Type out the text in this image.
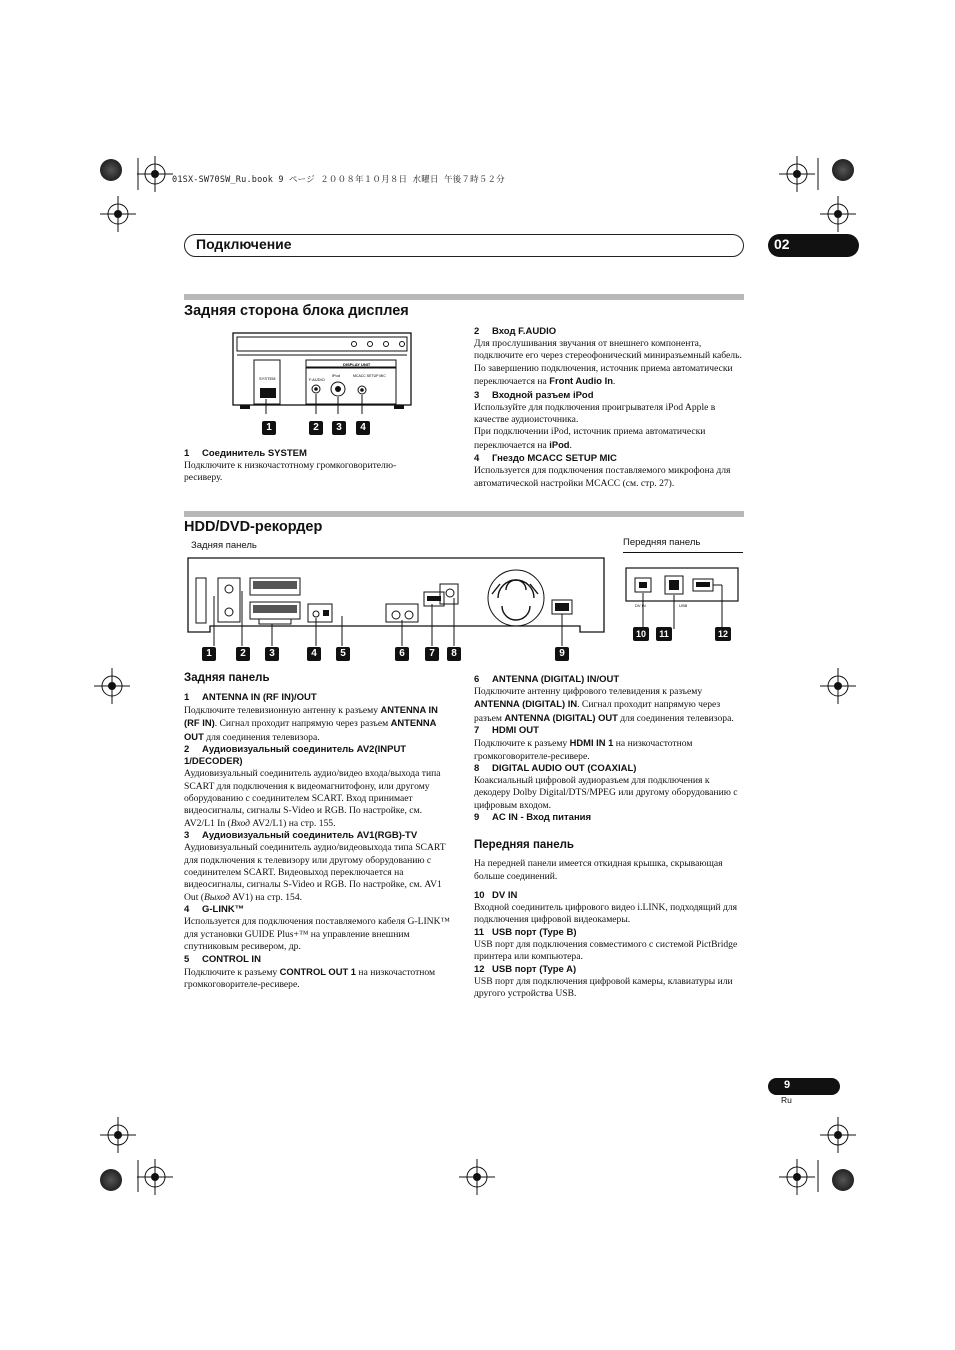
01SX-SW70SW_Ru.book 9 ページ ２００８年１０月８日 水曜日 午後７時５２分
Подключение	02
Задняя сторона блока дисплея
SYSTEM	F.AUDIO
iPod	MCACC SETUP MIC
DISPLAY UNIT
1	2	3	4
1 Соединитель SYSTEM
Подключите к низкочастотному громкоговорителю-ресиверу.
2 Вход F.AUDIO
Для прослушивания звучания от внешнего компонента, подключите его через стереофонический миниразъемный кабель. По завершению подключения, источник приема автоматически переключается на Front Audio In.
3 Входной разъем iPod
Используйте для подключения проигрывателя iPod Apple в качестве аудиоисточника.
При подключении iPod, источник приема автоматически переключается на iPod.
4 Гнездо MCACC SETUP MIC
Используется для подключения поставляемого микрофона для автоматической настройки MCACC (см. стр. 27).
HDD/DVD-рекордер
Задняя панель	Передняя панель
1	2	3	4	5	6	7	8	9
DV IN	USB
10	11	12
Задняя панель
1 ANTENNA IN (RF IN)/OUT
Подключите телевизионную антенну к разъему ANTENNA IN (RF IN). Сигнал проходит напрямую через разъем ANTENNA OUT для соединения телевизора.
2 Аудиовизуальный соединитель AV2(INPUT 1/DECODER)
Аудиовизуальный соединитель аудио/видео входа/выхода типа SCART для подключения к видеомагнитофону, или другому оборудованию с соединителем SCART. Вход принимает видеосигналы, сигналы S-Video и RGB. По настройке, см. AV2/L1 In (Вход AV2/L1) на стр. 155.
3 Аудиовизуальный соединитель AV1(RGB)-TV
Аудиовизуальный соединитель аудио/видеовыхода типа SCART для подключения к телевизору или другому оборудованию с соединителем SCART. Видеовыход переключается на видеосигналы, сигналы S-Video и RGB. По настройке, см. AV1 Out (Выход AV1) на стр. 154.
4 G-LINK™
Используется для подключения поставляемого кабеля G-LINK™ для установки GUIDE Plus+™ на управление внешним спутниковым ресивером, др.
5 CONTROL IN
Подключите к разъему CONTROL OUT 1 на низкочастотном громкоговорителе-ресивере.
6 ANTENNA (DIGITAL) IN/OUT
Подключите антенну цифрового телевидения к разъему ANTENNA (DIGITAL) IN. Сигнал проходит напрямую через разъем ANTENNA (DIGITAL) OUT для соединения телевизора.
7 HDMI OUT
Подключите к разъему HDMI IN 1 на низкочастотном громкоговорителе-ресивере.
8 DIGITAL AUDIO OUT (COAXIAL)
Коаксиальный цифровой аудиоразъем для подключения к декодеру Dolby Digital/DTS/MPEG или другому оборудованию с цифровым входом.
9 AC IN - Вход питания
Передняя панель
На передней панели имеется откидная крышка, скрывающая больше соединений.
10 DV IN
Входной соединитель цифрового видео i.LINK, подходящий для подключения цифровой видеокамеры.
11 USB порт (Type B)
USB порт для подключения совместимого с системой PictBridge принтера или компьютера.
12 USB порт (Type A)
USB порт для подключения цифровой камеры, клавиатуры или другого устройства USB.
9
Ru
